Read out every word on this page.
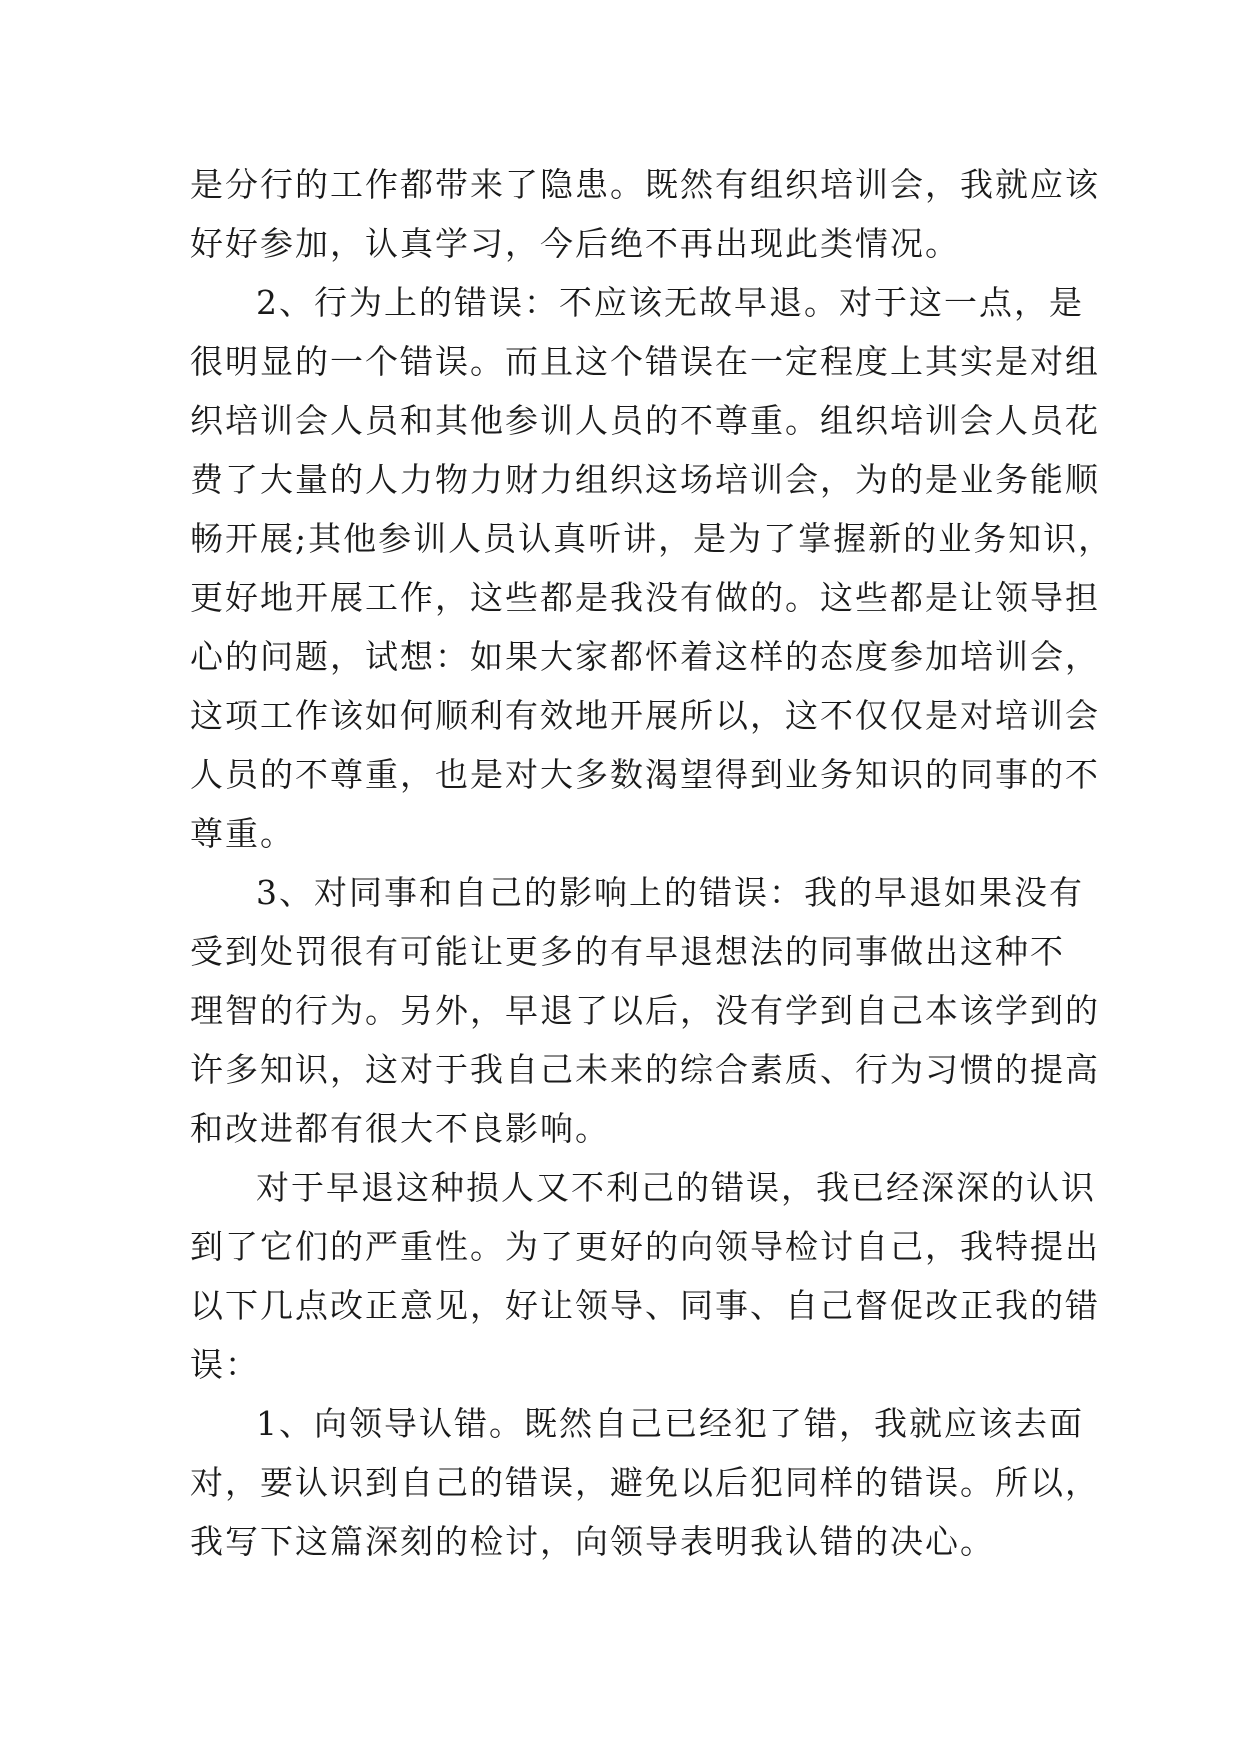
是分行的工作都带来了隐患。既然有组织培训会，我就应该
好好参加，认真学习，今后绝不再出现此类情况。
2、行为上的错误：不应该无故早退。对于这一点，是
很明显的一个错误。而且这个错误在一定程度上其实是对组
织培训会人员和其他参训人员的不尊重。组织培训会人员花
费了大量的人力物力财力组织这场培训会，为的是业务能顺
畅开展;其他参训人员认真听讲，是为了掌握新的业务知识，
更好地开展工作，这些都是我没有做的。这些都是让领导担
心的问题，试想：如果大家都怀着这样的态度参加培训会，
这项工作该如何顺利有效地开展所以，这不仅仅是对培训会
人员的不尊重，也是对大多数渴望得到业务知识的同事的不
尊重。
3、对同事和自己的影响上的错误：我的早退如果没有
受到处罚很有可能让更多的有早退想法的同事做出这种不
理智的行为。另外，早退了以后，没有学到自己本该学到的
许多知识，这对于我自己未来的综合素质、行为习惯的提高
和改进都有很大不良影响。
对于早退这种损人又不利己的错误，我已经深深的认识
到了它们的严重性。为了更好的向领导检讨自己，我特提出
以下几点改正意见，好让领导、同事、自己督促改正我的错
误：
1、向领导认错。既然自己已经犯了错，我就应该去面
对，要认识到自己的错误，避免以后犯同样的错误。所以，
我写下这篇深刻的检讨，向领导表明我认错的决心。
